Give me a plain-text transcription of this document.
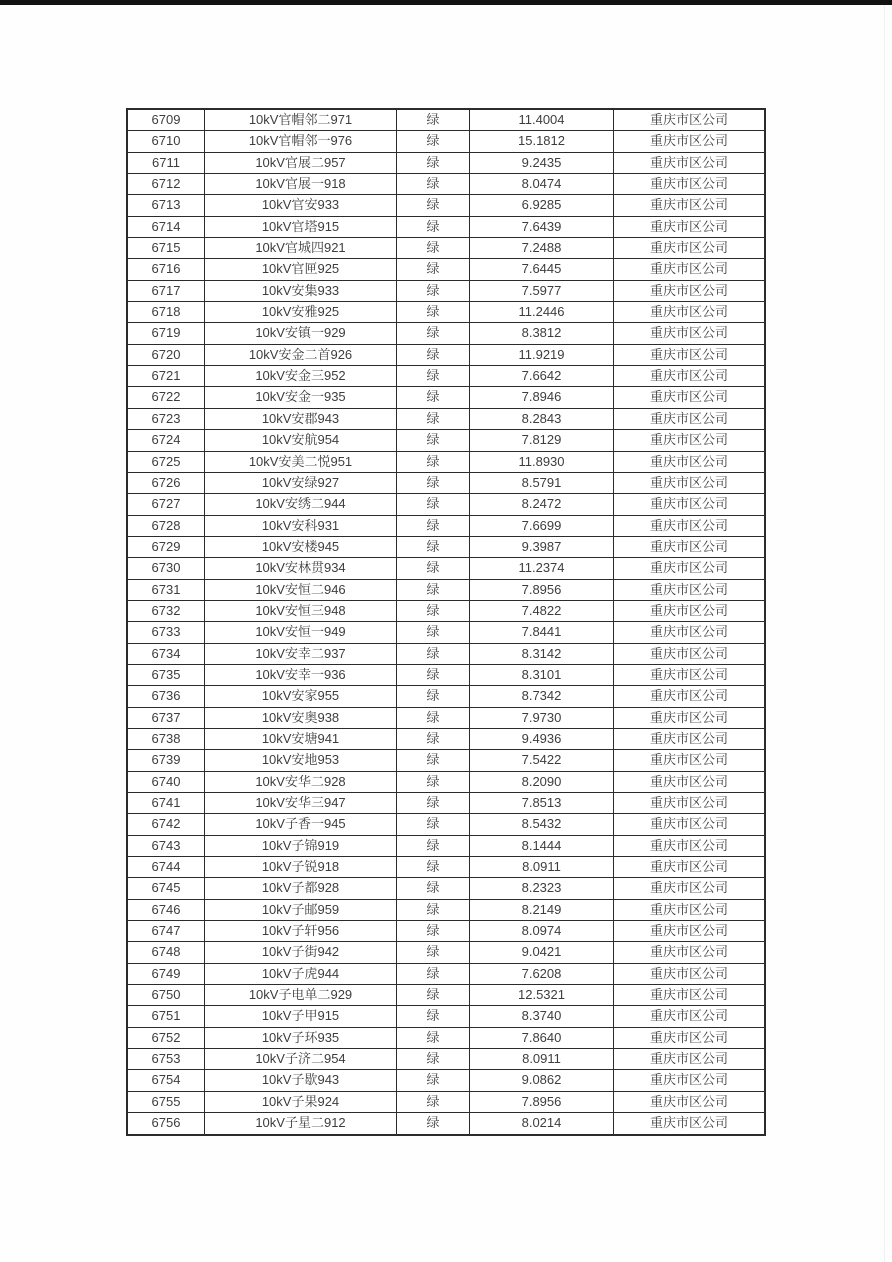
6709	10kV官帽邻二971	绿	11.4004	重庆市区公司
6710	10kV官帽邻一976	绿	15.1812	重庆市区公司
6711	10kV官展二957	绿	9.2435	重庆市区公司
6712	10kV官展一918	绿	8.0474	重庆市区公司
6713	10kV官安933	绿	6.9285	重庆市区公司
6714	10kV官塔915	绿	7.6439	重庆市区公司
6715	10kV官城四921	绿	7.2488	重庆市区公司
6716	10kV官匣925	绿	7.6445	重庆市区公司
6717	10kV安集933	绿	7.5977	重庆市区公司
6718	10kV安雅925	绿	11.2446	重庆市区公司
6719	10kV安镇一929	绿	8.3812	重庆市区公司
6720	10kV安金二首926	绿	11.9219	重庆市区公司
6721	10kV安金三952	绿	7.6642	重庆市区公司
6722	10kV安金一935	绿	7.8946	重庆市区公司
6723	10kV安郡943	绿	8.2843	重庆市区公司
6724	10kV安航954	绿	7.8129	重庆市区公司
6725	10kV安美二悦951	绿	11.8930	重庆市区公司
6726	10kV安绿927	绿	8.5791	重庆市区公司
6727	10kV安绣二944	绿	8.2472	重庆市区公司
6728	10kV安科931	绿	7.6699	重庆市区公司
6729	10kV安楼945	绿	9.3987	重庆市区公司
6730	10kV安林贯934	绿	11.2374	重庆市区公司
6731	10kV安恒二946	绿	7.8956	重庆市区公司
6732	10kV安恒三948	绿	7.4822	重庆市区公司
6733	10kV安恒一949	绿	7.8441	重庆市区公司
6734	10kV安幸二937	绿	8.3142	重庆市区公司
6735	10kV安幸一936	绿	8.3101	重庆市区公司
6736	10kV安家955	绿	8.7342	重庆市区公司
6737	10kV安奥938	绿	7.9730	重庆市区公司
6738	10kV安塘941	绿	9.4936	重庆市区公司
6739	10kV安地953	绿	7.5422	重庆市区公司
6740	10kV安华二928	绿	8.2090	重庆市区公司
6741	10kV安华三947	绿	7.8513	重庆市区公司
6742	10kV子香一945	绿	8.5432	重庆市区公司
6743	10kV子锦919	绿	8.1444	重庆市区公司
6744	10kV子锐918	绿	8.0911	重庆市区公司
6745	10kV子都928	绿	8.2323	重庆市区公司
6746	10kV子邮959	绿	8.2149	重庆市区公司
6747	10kV子轩956	绿	8.0974	重庆市区公司
6748	10kV子街942	绿	9.0421	重庆市区公司
6749	10kV子虎944	绿	7.6208	重庆市区公司
6750	10kV子电单二929	绿	12.5321	重庆市区公司
6751	10kV子甲915	绿	8.3740	重庆市区公司
6752	10kV子环935	绿	7.8640	重庆市区公司
6753	10kV子济二954	绿	8.0911	重庆市区公司
6754	10kV子歇943	绿	9.0862	重庆市区公司
6755	10kV子果924	绿	7.8956	重庆市区公司
6756	10kV子星二912	绿	8.0214	重庆市区公司
